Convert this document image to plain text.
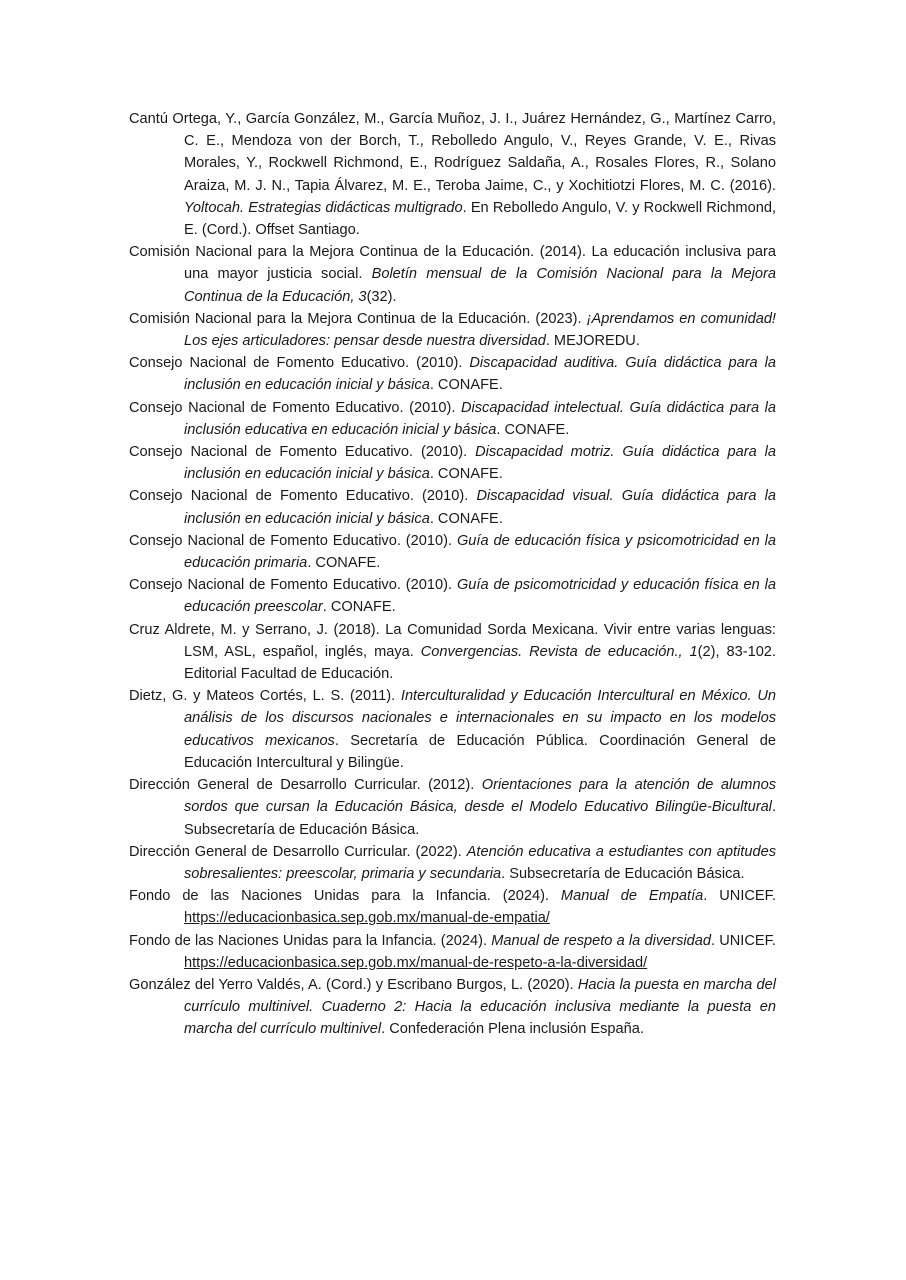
Cantú Ortega, Y., García González, M., García Muñoz, J. I., Juárez Hernández, G., Martínez Carro, C. E., Mendoza von der Borch, T., Rebolledo Angulo, V., Reyes Grande, V. E., Rivas Morales, Y., Rockwell Richmond, E., Rodríguez Saldaña, A., Rosales Flores, R., Solano Araiza, M. J. N., Tapia Álvarez, M. E., Teroba Jaime, C., y Xochitiotzi Flores, M. C. (2016). Yoltocah. Estrategias didácticas multigrado. En Rebolledo Angulo, V. y Rockwell Richmond, E. (Cord.). Offset Santiago.

Comisión Nacional para la Mejora Continua de la Educación. (2014). La educación inclusiva para una mayor justicia social. Boletín mensual de la Comisión Nacional para la Mejora Continua de la Educación, 3(32).

Comisión Nacional para la Mejora Continua de la Educación. (2023). ¡Aprendamos en comunidad! Los ejes articuladores: pensar desde nuestra diversidad. MEJOREDU.

Consejo Nacional de Fomento Educativo. (2010). Discapacidad auditiva. Guía didáctica para la inclusión en educación inicial y básica. CONAFE.

Consejo Nacional de Fomento Educativo. (2010). Discapacidad intelectual. Guía didáctica para la inclusión educativa en educación inicial y básica. CONAFE.

Consejo Nacional de Fomento Educativo. (2010). Discapacidad motriz. Guía didáctica para la inclusión en educación inicial y básica. CONAFE.

Consejo Nacional de Fomento Educativo. (2010). Discapacidad visual. Guía didáctica para la inclusión en educación inicial y básica. CONAFE.

Consejo Nacional de Fomento Educativo. (2010). Guía de educación física y psicomotricidad en la educación primaria. CONAFE.

Consejo Nacional de Fomento Educativo. (2010). Guía de psicomotricidad y educación física en la educación preescolar. CONAFE.

Cruz Aldrete, M. y Serrano, J. (2018). La Comunidad Sorda Mexicana. Vivir entre varias lenguas: LSM, ASL, español, inglés, maya. Convergencias. Revista de educación., 1(2), 83-102. Editorial Facultad de Educación.

Dietz, G. y Mateos Cortés, L. S. (2011). Interculturalidad y Educación Intercultural en México. Un análisis de los discursos nacionales e internacionales en su impacto en los modelos educativos mexicanos. Secretaría de Educación Pública. Coordinación General de Educación Intercultural y Bilingüe.

Dirección General de Desarrollo Curricular. (2012). Orientaciones para la atención de alumnos sordos que cursan la Educación Básica, desde el Modelo Educativo Bilingüe-Bicultural. Subsecretaría de Educación Básica.

Dirección General de Desarrollo Curricular. (2022). Atención educativa a estudiantes con aptitudes sobresalientes: preescolar, primaria y secundaria. Subsecretaría de Educación Básica.

Fondo de las Naciones Unidas para la Infancia. (2024). Manual de Empatía. UNICEF. https://educacionbasica.sep.gob.mx/manual-de-empatia/

Fondo de las Naciones Unidas para la Infancia. (2024). Manual de respeto a la diversidad. UNICEF. https://educacionbasica.sep.gob.mx/manual-de-respeto-a-la-diversidad/

González del Yerro Valdés, A. (Cord.) y Escribano Burgos, L. (2020). Hacia la puesta en marcha del currículo multinivel. Cuaderno 2: Hacia la educación inclusiva mediante la puesta en marcha del currículo multinivel. Confederación Plena inclusión España.
